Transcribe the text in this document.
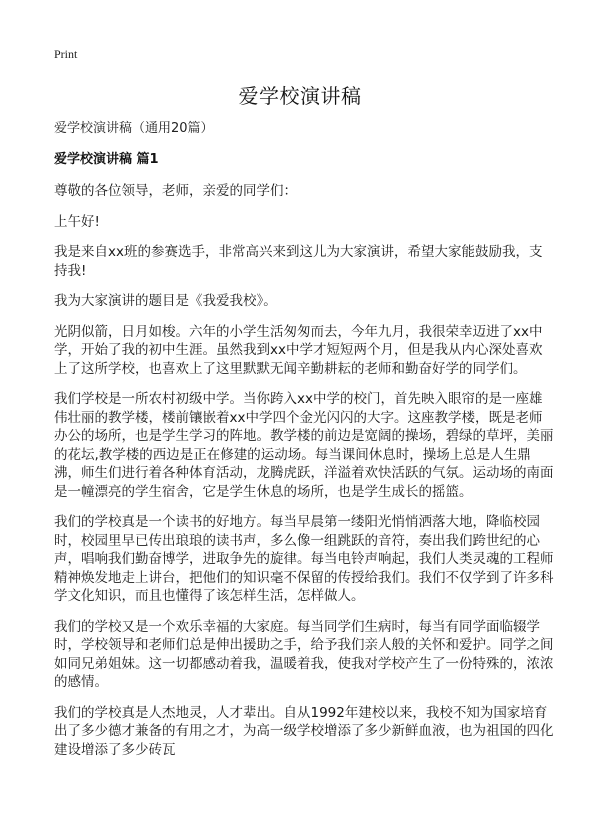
Print
爱学校演讲稿

爱学校演讲稿（通用20篇）

爱学校演讲稿 篇1

尊敬的各位领导，老师，亲爱的同学们：

上午好!

我是来自xx班的参赛选手，非常高兴来到这儿为大家演讲，希望大家能鼓励我，支持我!

我为大家演讲的题目是《我爱我校》。

光阴似箭，日月如梭。六年的小学生活匆匆而去，今年九月，我很荣幸迈进了xx中学，开始了我的初中生涯。虽然我到xx中学才短短两个月，但是我从内心深处喜欢上了这所学校，也喜欢上了这里默默无闻辛勤耕耘的老师和勤奋好学的同学们。

我们学校是一所农村初级中学。当你跨入xx中学的校门，首先映入眼帘的是一座雄伟壮丽的教学楼，楼前镶嵌着xx中学四个金光闪闪的大字。这座教学楼，既是老师办公的场所，也是学生学习的阵地。教学楼的前边是宽阔的操场，碧绿的草坪，美丽的花坛,教学楼的西边是正在修建的运动场。每当课间休息时，操场上总是人生鼎沸，师生们进行着各种体育活动，龙腾虎跃，洋溢着欢快活跃的气氛。运动场的南面是一幢漂亮的学生宿舍，它是学生休息的场所，也是学生成长的摇篮。

我们的学校真是一个读书的好地方。每当早晨第一缕阳光悄悄洒落大地，降临校园时，校园里早已传出琅琅的读书声，多么像一组跳跃的音符，奏出我们跨世纪的心声，唱响我们勤奋博学，进取争先的旋律。每当电铃声响起，我们人类灵魂的工程师精神焕发地走上讲台，把他们的知识毫不保留的传授给我们。我们不仅学到了许多科学文化知识，而且也懂得了该怎样生活，怎样做人。

我们的学校又是一个欢乐幸福的大家庭。每当同学们生病时，每当有同学面临辍学时，学校领导和老师们总是伸出援助之手，给予我们亲人般的关怀和爱护。同学之间如同兄弟姐妹。这一切都感动着我，温暖着我，使我对学校产生了一份特殊的，浓浓的感情。

我们的学校真是人杰地灵，人才辈出。自从1992年建校以来，我校不知为国家培育出了多少德才兼备的有用之才，为高一级学校增添了多少新鲜血液，也为祖国的四化建设增添了多少砖瓦
